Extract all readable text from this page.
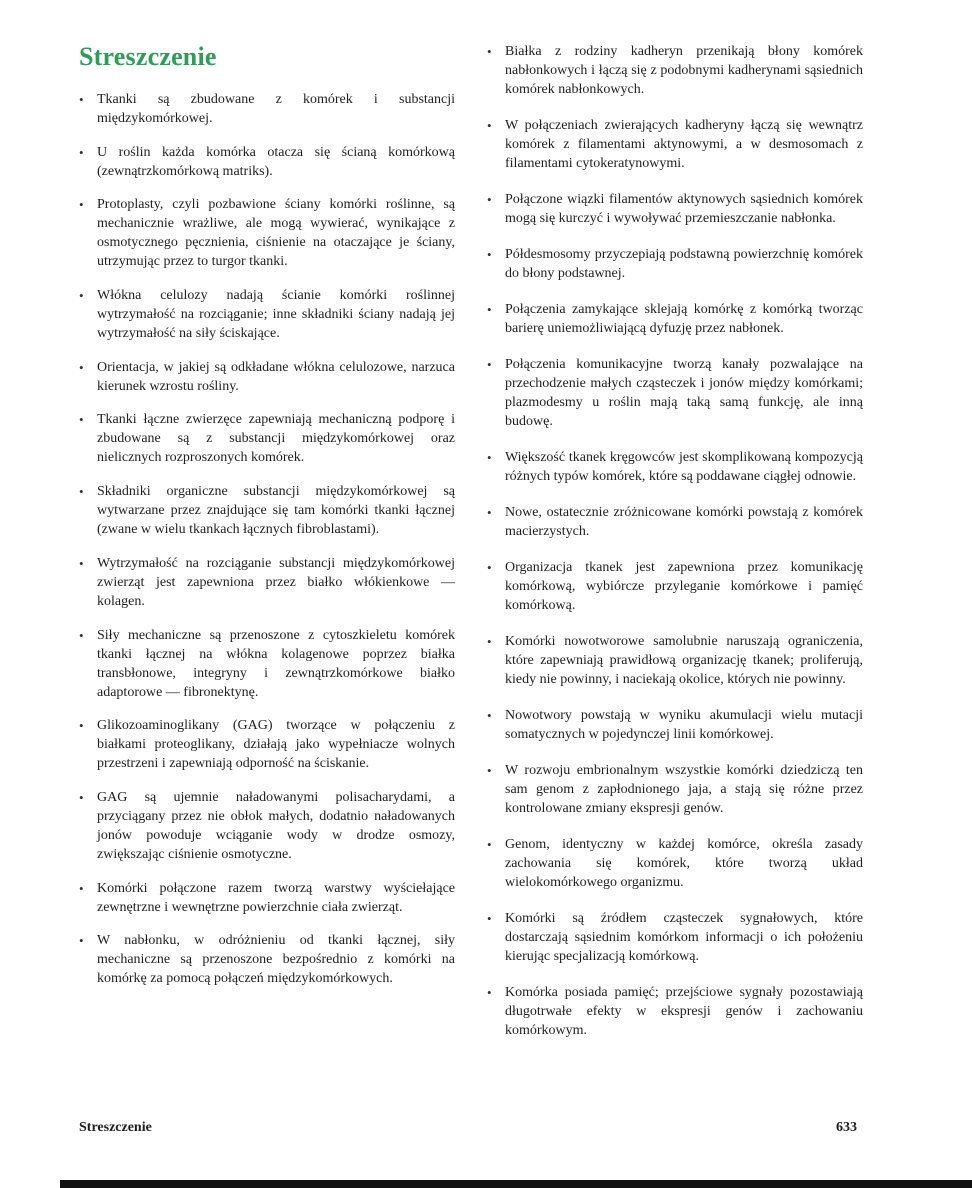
Streszczenie
• Tkanki są zbudowane z komórek i substancji międzykomórkowej.
• U roślin każda komórka otacza się ścianą komórkową (zewnątrzkomórkową matriks).
• Protoplasty, czyli pozbawione ściany komórki roślinne, są mechanicznie wrażliwe, ale mogą wywierać, wynikające z osmotycznego pęcznienia, ciśnienie na otaczające je ściany, utrzymując przez to turgor tkanki.
• Włókna celulozy nadają ścianie komórki roślinnej wytrzymałość na rozciąganie; inne składniki ściany nadają jej wytrzymałość na siły ściskające.
• Orientacja, w jakiej są odkładane włókna celulozowe, narzuca kierunek wzrostu rośliny.
• Tkanki łączne zwierzęce zapewniają mechaniczną podporę i zbudowane są z substancji międzykomórkowej oraz nielicznych rozproszonych komórek.
• Składniki organiczne substancji międzykomórkowej są wytwarzane przez znajdujące się tam komórki tkanki łącznej (zwane w wielu tkankach łącznych fibroblastami).
• Wytrzymałość na rozciąganie substancji międzykomórkowej zwierząt jest zapewniona przez białko włókienkowe — kolagen.
• Siły mechaniczne są przenoszone z cytoszkieletu komórek tkanki łącznej na włókna kolagenowe poprzez białka transbłonowe, integryny i zewnątrzkomórkowe białko adaptorowe — fibronektynę.
• Glikozoaminoglikany (GAG) tworzące w połączeniu z białkami proteoglikany, działają jako wypełniacze wolnych przestrzeni i zapewniają odporność na ściskanie.
• GAG są ujemnie naładowanymi polisacharydami, a przyciągany przez nie obłok małych, dodatnio naładowanych jonów powoduje wciąganie wody w drodze osmozy, zwiększając ciśnienie osmotyczne.
• Komórki połączone razem tworzą warstwy wyściełające zewnętrzne i wewnętrzne powierzchnie ciała zwierząt.
• W nabłonku, w odróżnieniu od tkanki łącznej, siły mechaniczne są przenoszone bezpośrednio z komórki na komórkę za pomocą połączeń międzykomórkowych.
• Białka z rodziny kadheryn przenikają błony komórek nabłonkowych i łączą się z podobnymi kadherynami sąsiednich komórek nabłonkowych.
• W połączeniach zwierających kadheryny łączą się wewnątrz komórek z filamentami aktynowymi, a w desmosomach z filamentami cytokeratynowymi.
• Połączone wiązki filamentów aktynowych sąsiednich komórek mogą się kurczyć i wywoływać przemieszczanie nabłonka.
• Półdesmosomy przyczepiają podstawną powierzchnię komórek do błony podstawnej.
• Połączenia zamykające sklejają komórkę z komórką tworząc barierę uniemożliwiającą dyfuzję przez nabłonek.
• Połączenia komunikacyjne tworzą kanały pozwalające na przechodzenie małych cząsteczek i jonów między komórkami; plazmodesmy u roślin mają taką samą funkcję, ale inną budowę.
• Większość tkanek kręgowców jest skomplikowaną kompozycją różnych typów komórek, które są poddawane ciągłej odnowie.
• Nowe, ostatecznie zróżnicowane komórki powstają z komórek macierzystych.
• Organizacja tkanek jest zapewniona przez komunikację komórkową, wybiórcze przyleganie komórkowe i pamięć komórkową.
• Komórki nowotworowe samolubnie naruszają ograniczenia, które zapewniają prawidłową organizację tkanek; proliferują, kiedy nie powinny, i naciekają okolice, których nie powinny.
• Nowotwory powstają w wyniku akumulacji wielu mutacji somatycznych w pojedynczej linii komórkowej.
• W rozwoju embrionalnym wszystkie komórki dziedziczą ten sam genom z zapłodnionego jaja, a stają się różne przez kontrolowane zmiany ekspresji genów.
• Genom, identyczny w każdej komórce, określa zasady zachowania się komórek, które tworzą układ wielokomórkowego organizmu.
• Komórki są źródłem cząsteczek sygnałowych, które dostarczają sąsiednim komórkom informacji o ich położeniu kierując specjalizacją komórkową.
• Komórka posiada pamięć; przejściowe sygnały pozostawiają długotrwałe efekty w ekspresji genów i zachowaniu komórkowym.
Streszczenie	633
